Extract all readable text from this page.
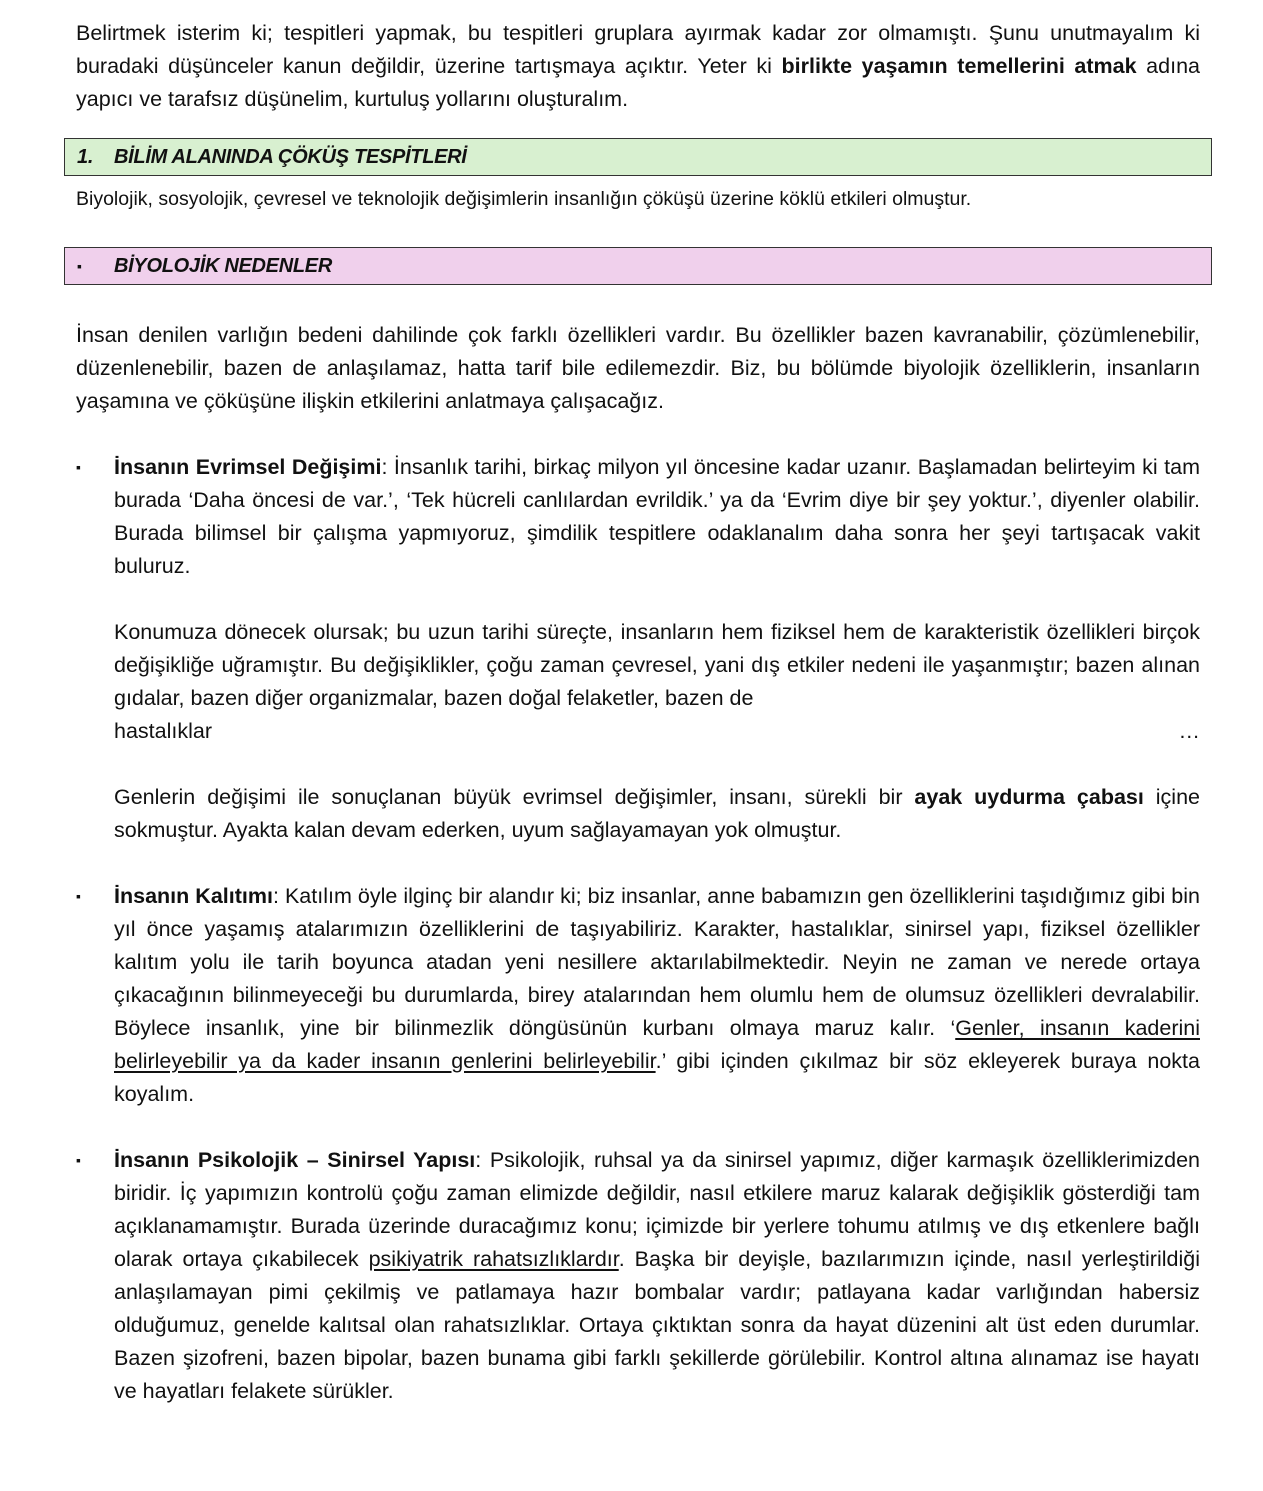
Belirtmek isterim ki; tespitleri yapmak, bu tespitleri gruplara ayırmak kadar zor olmamıştı. Şunu unutmayalım ki buradaki düşünceler kanun değildir, üzerine tartışmaya açıktır. Yeter ki birlikte yaşamın temellerini atmak adına yapıcı ve tarafsız düşünelim, kurtuluş yollarını oluşturalım.

1.	BİLİM ALANINDA ÇÖKÜŞ TESPİTLERİ

Biyolojik, sosyolojik, çevresel ve teknolojik değişimlerin insanlığın çöküşü üzerine köklü etkileri olmuştur.

▪	BİYOLOJİK NEDENLER

İnsan denilen varlığın bedeni dahilinde çok farklı özellikleri vardır. Bu özellikler bazen kavranabilir, çözümlenebilir, düzenlenebilir, bazen de anlaşılamaz, hatta tarif bile edilemezdir. Biz, bu bölümde biyolojik özelliklerin, insanların yaşamına ve çöküşüne ilişkin etkilerini anlatmaya çalışacağız.

▪	İnsanın Evrimsel Değişimi: İnsanlık tarihi, birkaç milyon yıl öncesine kadar uzanır. Başlamadan belirteyim ki tam burada ‘Daha öncesi de var.’, ‘Tek hücreli canlılardan evrildik.’ ya da ‘Evrim diye bir şey yoktur.’, diyenler olabilir. Burada bilimsel bir çalışma yapmıyoruz, şimdilik tespitlere odaklanalım daha sonra her şeyi tartışacak vakit buluruz.

Konumuza dönecek olursak; bu uzun tarihi süreçte, insanların hem fiziksel hem de karakteristik özellikleri birçok değişikliğe uğramıştır. Bu değişiklikler, çoğu zaman çevresel, yani dış etkiler nedeni ile yaşanmıştır; bazen alınan gıdalar, bazen diğer organizmalar, bazen doğal felaketler, bazen de
hastalıklar	…

Genlerin değişimi ile sonuçlanan büyük evrimsel değişimler, insanı, sürekli bir ayak uydurma çabası içine sokmuştur. Ayakta kalan devam ederken, uyum sağlayamayan yok olmuştur.

▪	İnsanın Kalıtımı: Katılım öyle ilginç bir alandır ki; biz insanlar, anne babamızın gen özelliklerini taşıdığımız gibi bin yıl önce yaşamış atalarımızın özelliklerini de taşıyabiliriz. Karakter, hastalıklar, sinirsel yapı, fiziksel özellikler kalıtım yolu ile tarih boyunca atadan yeni nesillere aktarılabilmektedir. Neyin ne zaman ve nerede ortaya çıkacağının bilinmeyeceği bu durumlarda, birey atalarından hem olumlu hem de olumsuz özellikleri devralabilir. Böylece insanlık, yine bir bilinmezlik döngüsünün kurbanı olmaya maruz kalır. ‘Genler, insanın kaderini belirleyebilir ya da kader insanın genlerini belirleyebilir.’ gibi içinden çıkılmaz bir söz ekleyerek buraya nokta koyalım.

▪	İnsanın Psikolojik – Sinirsel Yapısı: Psikolojik, ruhsal ya da sinirsel yapımız, diğer karmaşık özelliklerimizden biridir. İç yapımızın kontrolü çoğu zaman elimizde değildir, nasıl etkilere maruz kalarak değişiklik gösterdiği tam açıklanamamıştır. Burada üzerinde duracağımız konu; içimizde bir yerlere tohumu atılmış ve dış etkenlere bağlı olarak ortaya çıkabilecek psikiyatrik rahatsızlıklardır. Başka bir deyişle, bazılarımızın içinde, nasıl yerleştirildiği anlaşılamayan pimi çekilmiş ve patlamaya hazır bombalar vardır; patlayana kadar varlığından habersiz olduğumuz, genelde kalıtsal olan rahatsızlıklar. Ortaya çıktıktan sonra da hayat düzenini alt üst eden durumlar. Bazen şizofreni, bazen bipolar, bazen bunama gibi farklı şekillerde görülebilir. Kontrol altına alınamaz ise hayatı ve hayatları felakete sürükler.
